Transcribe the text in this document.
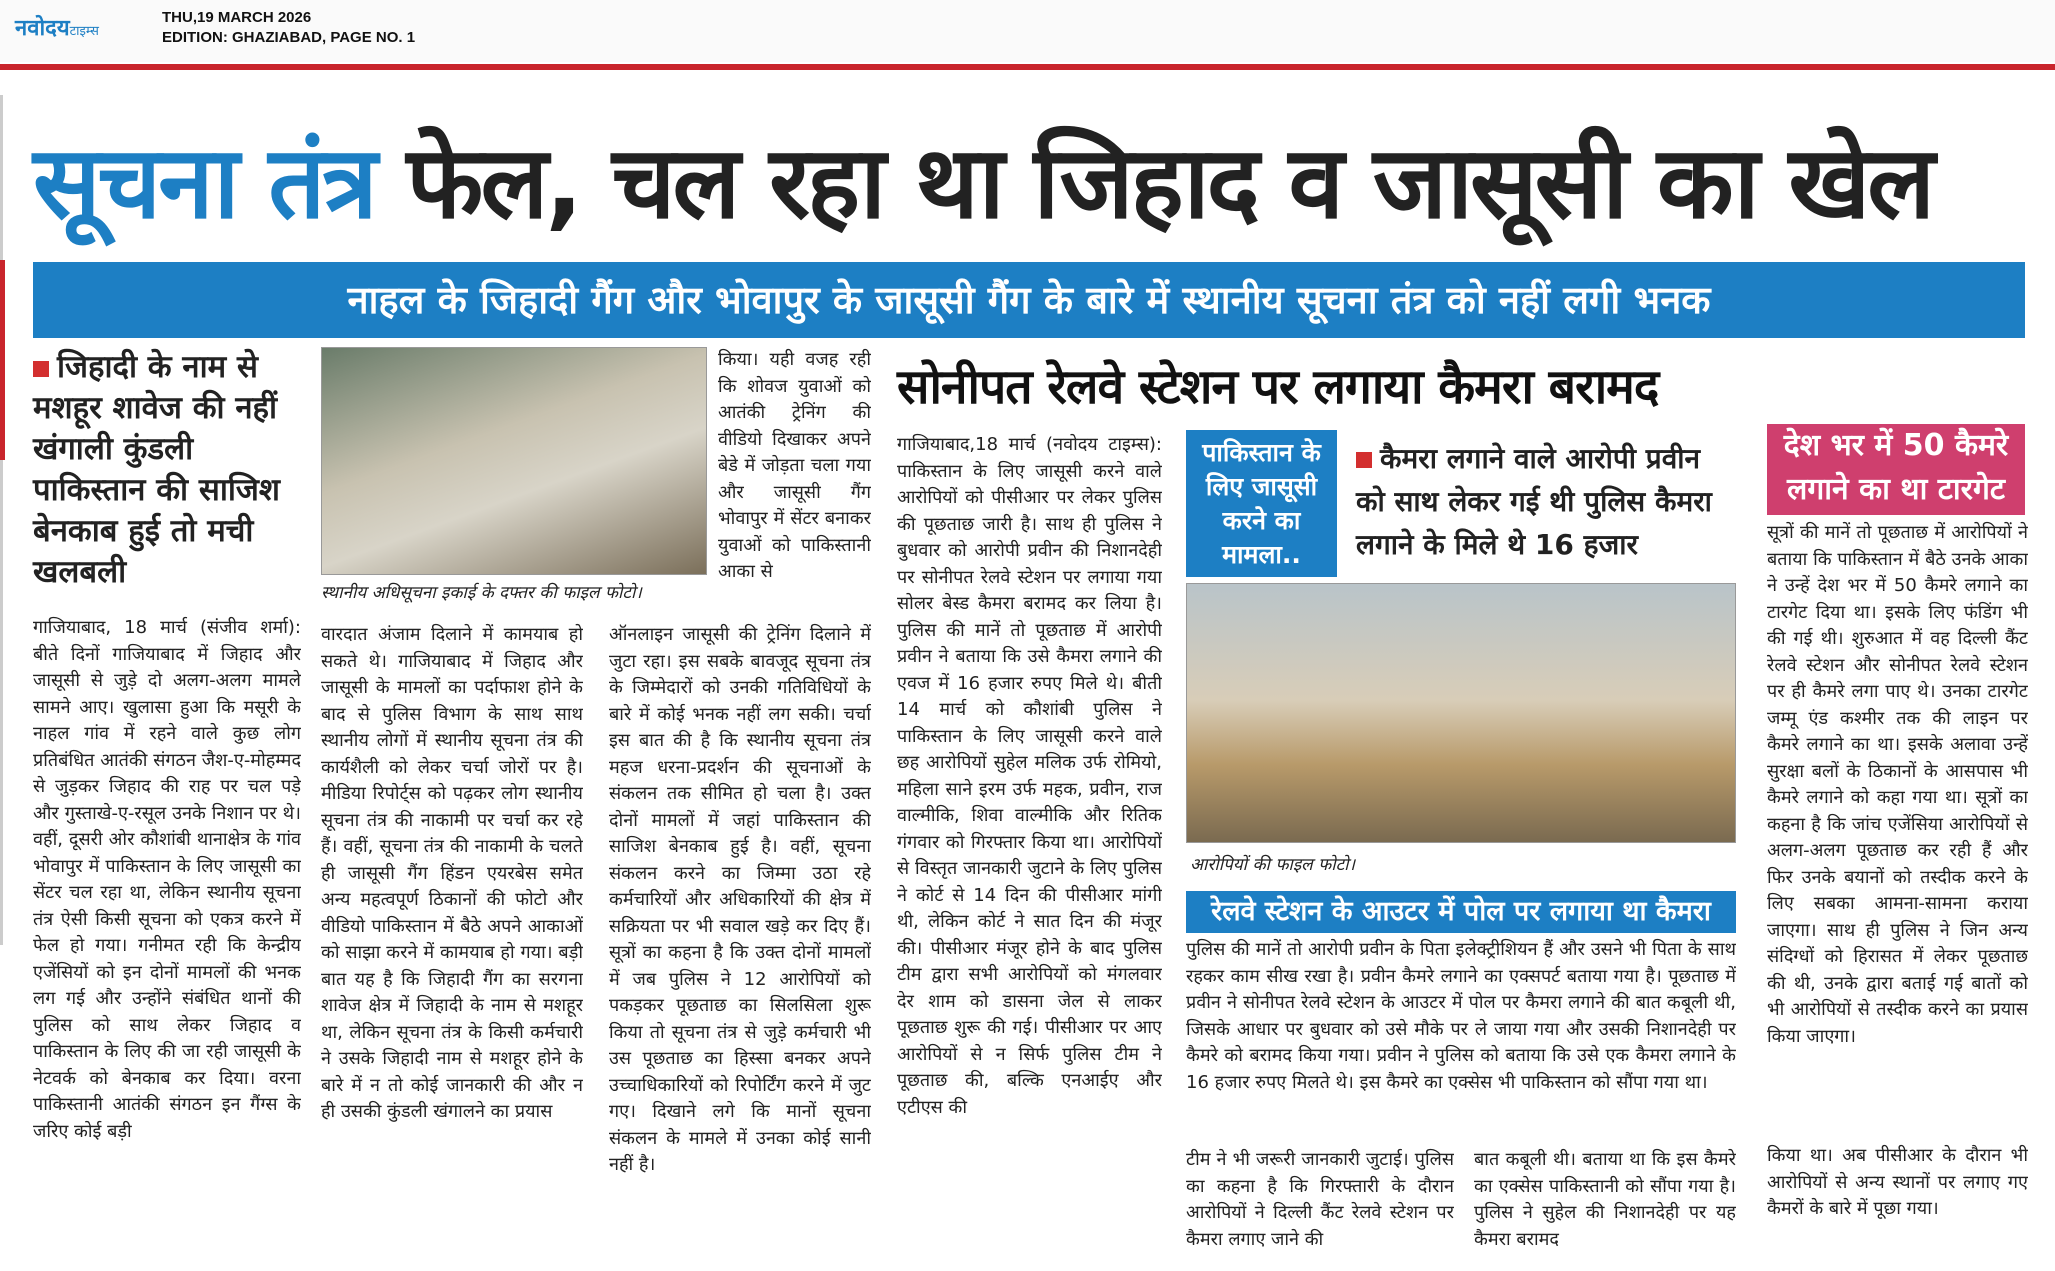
नवोदयटाइम्स
THU,19 MARCH 2026
EDITION: GHAZIABAD, PAGE NO. 1
सूचना तंत्र फेल, चल रहा था जिहाद व जासूसी का खेल
नाहल के जिहादी गैंग और भोवापुर के जासूसी गैंग के बारे में स्थानीय सूचना तंत्र को नहीं लगी भनक
जिहादी के नाम से मशहूर शावेज की नहीं खंगाली कुंडली पाकिस्तान की साजिश बेनकाब हुई तो मची खलबली
गाजियाबाद, 18 मार्च (संजीव शर्मा): बीते दिनों गाजियाबाद में जिहाद और जासूसी से जुड़े दो अलग-अलग मामले सामने आए। खुलासा हुआ कि मसूरी के नाहल गांव में रहने वाले कुछ लोग प्रतिबंधित आतंकी संगठन जैश-ए-मोहम्मद से जुड़कर जिहाद की राह पर चल पड़े और गुस्ताखे-ए-रसूल उनके निशान पर थे। वहीं, दूसरी ओर कौशांबी थानाक्षेत्र के गांव भोवापुर में पाकिस्तान के लिए जासूसी का सेंटर चल रहा था, लेकिन स्थानीय सूचना तंत्र ऐसी किसी सूचना को एकत्र करने में फेल हो गया। गनीमत रही कि केन्द्रीय एजेंसियों को इन दोनों मामलों की भनक लग गई और उन्होंने संबंधित थानों की पुलिस को साथ लेकर जिहाद व पाकिस्तान के लिए की जा रही जासूसी के नेटवर्क को बेनकाब कर दिया। वरना पाकिस्तानी आतंकी संगठन इन गैंग्स के जरिए कोई बड़ी
स्थानीय अधिसूचना इकाई के दफ्तर की फाइल फोटो।
किया। यही वजह रही कि शोवज युवाओं को आतंकी ट्रेनिंग की वीडियो दिखाकर अपने बेडे में जोड़ता चला गया और जासूसी गैंग भोवापुर में सेंटर बनाकर युवाओं को पाकिस्तानी आका से
वारदात अंजाम दिलाने में कामयाब हो सकते थे। गाजियाबाद में जिहाद और जासूसी के मामलों का पर्दाफाश होने के बाद से पुलिस विभाग के साथ साथ स्थानीय लोगों में स्थानीय सूचना तंत्र की कार्यशैली को लेकर चर्चा जोरों पर है। मीडिया रिपोर्ट्स को पढ़कर लोग स्थानीय सूचना तंत्र की नाकामी पर चर्चा कर रहे हैं। वहीं, सूचना तंत्र की नाकामी के चलते ही जासूसी गैंग हिंडन एयरबेस समेत अन्य महत्वपूर्ण ठिकानों की फोटो और वीडियो पाकिस्तान में बैठे अपने आकाओं को साझा करने में कामयाब हो गया। बड़ी बात यह है कि जिहादी गैंग का सरगना शावेज क्षेत्र में जिहादी के नाम से मशहूर था, लेकिन सूचना तंत्र के किसी कर्मचारी ने उसके जिहादी नाम से मशहूर होने के बारे में न तो कोई जानकारी की और न ही उसकी कुंडली खंगालने का प्रयास
ऑनलाइन जासूसी की ट्रेनिंग दिलाने में जुटा रहा। इस सबके बावजूद सूचना तंत्र के जिम्मेदारों को उनकी गतिविधियों के बारे में कोई भनक नहीं लग सकी। चर्चा इस बात की है कि स्थानीय सूचना तंत्र महज धरना-प्रदर्शन की सूचनाओं के संकलन तक सीमित हो चला है। उक्त दोनों मामलों में जहां पाकिस्तान की साजिश बेनकाब हुई है। वहीं, सूचना संकलन करने का जिम्मा उठा रहे कर्मचारियों और अधिकारियों की क्षेत्र में सक्रियता पर भी सवाल खड़े कर दिए हैं। सूत्रों का कहना है कि उक्त दोनों मामलों में जब पुलिस ने 12 आरोपियों को पकड़कर पूछताछ का सिलसिला शुरू किया तो सूचना तंत्र से जुड़े कर्मचारी भी उस पूछताछ का हिस्सा बनकर अपने उच्चाधिकारियों को रिपोर्टिंग करने में जुट गए। दिखाने लगे कि मानों सूचना संकलन के मामले में उनका कोई सानी नहीं है।
सोनीपत रेलवे स्टेशन पर लगाया कैमरा बरामद
गाजियाबाद,18 मार्च (नवोदय टाइम्स): पाकिस्तान के लिए जासूसी करने वाले आरोपियों को पीसीआर पर लेकर पुलिस की पूछताछ जारी है। साथ ही पुलिस ने बुधवार को आरोपी प्रवीन की निशानदेही पर सोनीपत रेलवे स्टेशन पर लगाया गया सोलर बेस्ड कैमरा बरामद कर लिया है। पुलिस की मानें तो पूछताछ में आरोपी प्रवीन ने बताया कि उसे कैमरा लगाने की एवज में 16 हजार रुपए मिले थे। बीती 14 मार्च को कौशांबी पुलिस ने पाकिस्तान के लिए जासूसी करने वाले छह आरोपियों सुहेल मलिक उर्फ रोमियो, महिला साने इरम उर्फ महक, प्रवीन, राज वाल्मीकि, शिवा वाल्मीकि और रितिक गंगवार को गिरफ्तार किया था। आरोपियों से विस्तृत जानकारी जुटाने के लिए पुलिस ने कोर्ट से 14 दिन की पीसीआर मांगी थी, लेकिन कोर्ट ने सात दिन की मंजूर की। पीसीआर मंजूर होने के बाद पुलिस टीम द्वारा सभी आरोपियों को मंगलवार देर शाम को डासना जेल से लाकर पूछताछ शुरू की गई। पीसीआर पर आए आरोपियों से न सिर्फ पुलिस टीम ने पूछताछ की, बल्कि एनआईए और एटीएस की
पाकिस्तान के लिए जासूसी करने का मामला..
कैमरा लगाने वाले आरोपी प्रवीन को साथ लेकर गई थी पुलिस कैमरा लगाने के मिले थे 16 हजार
देश भर में 50 कैमरे लगाने का था टारगेट
सूत्रों की मानें तो पूछताछ में आरोपियों ने बताया कि पाकिस्तान में बैठे उनके आका ने उन्हें देश भर में 50 कैमरे लगाने का टारगेट दिया था। इसके लिए फंडिंग भी की गई थी। शुरुआत में वह दिल्ली कैंट रेलवे स्टेशन और सोनीपत रेलवे स्टेशन पर ही कैमरे लगा पाए थे। उनका टारगेट जम्मू एंड कश्मीर तक की लाइन पर कैमरे लगाने का था। इसके अलावा उन्हें सुरक्षा बलों के ठिकानों के आसपास भी कैमरे लगाने को कहा गया था। सूत्रों का कहना है कि जांच एजेंसिया आरोपियों से अलग-अलग पूछताछ कर रही हैं और फिर उनके बयानों को तस्दीक करने के लिए सबका आमना-सामना कराया जाएगा। साथ ही पुलिस ने जिन अन्य संदिग्धों को हिरासत में लेकर पूछताछ की थी, उनके द्वारा बताई गई बातों को भी आरोपियों से तस्दीक करने का प्रयास किया जाएगा।
किया था। अब पीसीआर के दौरान भी आरोपियों से अन्य स्थानों पर लगाए गए कैमरों के बारे में पूछा गया।
आरोपियों की फाइल फोटो।
रेलवे स्टेशन के आउटर में पोल पर लगाया था कैमरा
पुलिस की मानें तो आरोपी प्रवीन के पिता इलेक्ट्रीशियन हैं और उसने भी पिता के साथ रहकर काम सीख रखा है। प्रवीन कैमरे लगाने का एक्सपर्ट बताया गया है। पूछताछ में प्रवीन ने सोनीपत रेलवे स्टेशन के आउटर में पोल पर कैमरा लगाने की बात कबूली थी, जिसके आधार पर बुधवार को उसे मौके पर ले जाया गया और उसकी निशानदेही पर कैमरे को बरामद किया गया। प्रवीन ने पुलिस को बताया कि उसे एक कैमरा लगाने के 16 हजार रुपए मिलते थे। इस कैमरे का एक्सेस भी पाकिस्तान को सौंपा गया था।
टीम ने भी जरूरी जानकारी जुटाई। पुलिस का कहना है कि गिरफ्तारी के दौरान आरोपियों ने दिल्ली कैंट रेलवे स्टेशन पर कैमरा लगाए जाने की
बात कबूली थी। बताया था कि इस कैमरे का एक्सेस पाकिस्तानी को सौंपा गया है। पुलिस ने सुहेल की निशानदेही पर यह कैमरा बरामद
